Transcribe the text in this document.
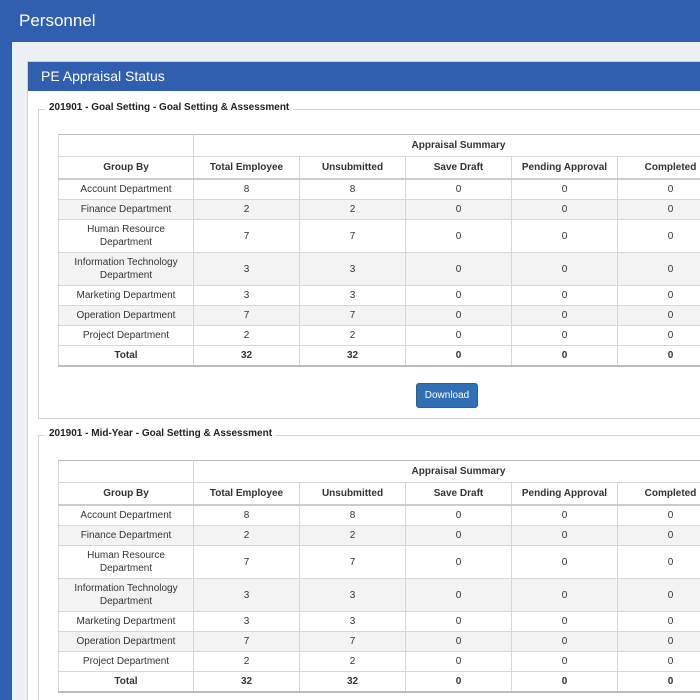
Personnel
PE Appraisal Status
201901 - Goal Setting - Goal Setting & Assessment
	Appraisal Summary				
Group By	Total Employee	Unsubmitted	Save Draft	Pending Approval	Completed
Account Department	8	8	0	0	0
Finance Department	2	2	0	0	0
Human Resource Department	7	7	0	0	0
Information Technology Department	3	3	0	0	0
Marketing Department	3	3	0	0	0
Operation Department	7	7	0	0	0
Project Department	2	2	0	0	0
Total	32	32	0	0	0
Download
201901 - Mid-Year - Goal Setting & Assessment
	Appraisal Summary				
Group By	Total Employee	Unsubmitted	Save Draft	Pending Approval	Completed
Account Department	8	8	0	0	0
Finance Department	2	2	0	0	0
Human Resource Department	7	7	0	0	0
Information Technology Department	3	3	0	0	0
Marketing Department	3	3	0	0	0
Operation Department	7	7	0	0	0
Project Department	2	2	0	0	0
Total	32	32	0	0	0
